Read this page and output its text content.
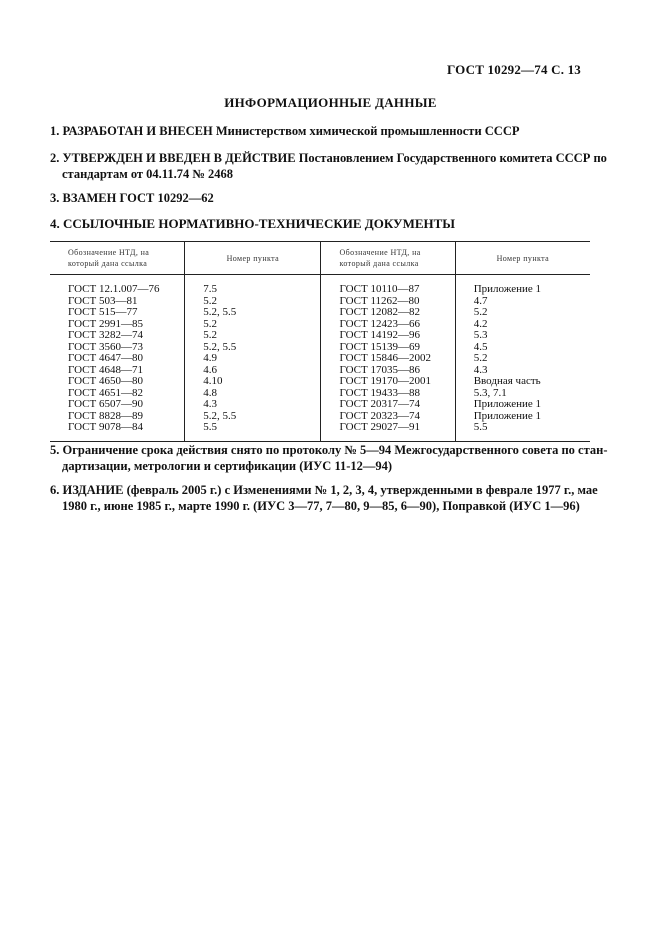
ГОСТ 10292—74 С. 13
ИНФОРМАЦИОННЫЕ ДАННЫЕ
1. РАЗРАБОТАН И ВНЕСЕН Министерством химической промышленности СССР
2. УТВЕРЖДЕН И ВВЕДЕН В ДЕЙСТВИЕ Постановлением Государственного комитета СССР по
стандартам от 04.11.74 № 2468
3. ВЗАМЕН ГОСТ 10292—62
4. ССЫЛОЧНЫЕ НОРМАТИВНО-ТЕХНИЧЕСКИЕ ДОКУМЕНТЫ
Обозначение НТД, на который дана ссылка	Номер пункта	Обозначение НТД, на который дана ссылка	Номер пункта
ГОСТ 12.1.007—76	7.5	ГОСТ 10110—87	Приложение 1
ГОСТ 503—81	5.2	ГОСТ 11262—80	4.7
ГОСТ 515—77	5.2, 5.5	ГОСТ 12082—82	5.2
ГОСТ 2991—85	5.2	ГОСТ 12423—66	4.2
ГОСТ 3282—74	5.2	ГОСТ 14192—96	5.3
ГОСТ 3560—73	5.2, 5.5	ГОСТ 15139—69	4.5
ГОСТ 4647—80	4.9	ГОСТ 15846—2002	5.2
ГОСТ 4648—71	4.6	ГОСТ 17035—86	4.3
ГОСТ 4650—80	4.10	ГОСТ 19170—2001	Вводная часть
ГОСТ 4651—82	4.8	ГОСТ 19433—88	5.3, 7.1
ГОСТ 6507—90	4.3	ГОСТ 20317—74	Приложение 1
ГОСТ 8828—89	5.2, 5.5	ГОСТ 20323—74	Приложение 1
ГОСТ 9078—84	5.5	ГОСТ 29027—91	5.5
5. Ограничение срока действия снято по протоколу № 5—94 Межгосударственного совета по стан-
дартизации, метрологии и сертификации (ИУС 11-12—94)
6. ИЗДАНИЕ (февраль 2005 г.) с Изменениями № 1, 2, 3, 4, утвержденными в феврале 1977 г., мае
1980 г., июне 1985 г., марте 1990 г. (ИУС 3—77, 7—80, 9—85, 6—90), Поправкой (ИУС 1—96)
